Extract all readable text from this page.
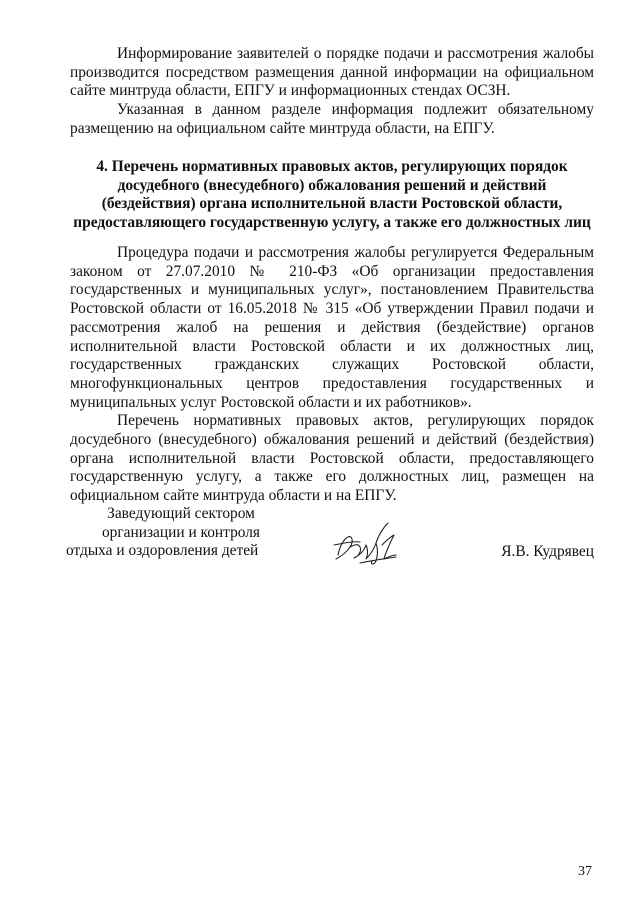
Информирование заявителей о порядке подачи и рассмотрения жалобы производится посредством размещения данной информации на официальном сайте минтруда области, ЕПГУ и информационных стендах ОСЗН.

Указанная в данном разделе информация подлежит обязательному размещению на официальном сайте минтруда области, на ЕПГУ.

4. Перечень нормативных правовых актов, регулирующих порядок досудебного (внесудебного) обжалования решений и действий (бездействия) органа исполнительной власти Ростовской области, предоставляющего государственную услугу, а также его должностных лиц

Процедура подачи и рассмотрения жалобы регулируется Федеральным законом от 27.07.2010 № 210-ФЗ «Об организации предоставления государственных и муниципальных услуг», постановлением Правительства Ростовской области от 16.05.2018 № 315 «Об утверждении Правил подачи и рассмотрения жалоб на решения и действия (бездействие) органов исполнительной власти Ростовской области и их должностных лиц, государственных гражданских служащих Ростовской области, многофункциональных центров предоставления государственных и муниципальных услуг Ростовской области и их работников».

Перечень нормативных правовых актов, регулирующих порядок досудебного (внесудебного) обжалования решений и действий (бездействия) органа исполнительной власти Ростовской области, предоставляющего государственную услугу, а также его должностных лиц, размещен на официальном сайте минтруда области и на ЕПГУ.

Заведующий сектором
организации и контроля
отдыха и оздоровления детей	Я.В. Кудрявец
37
